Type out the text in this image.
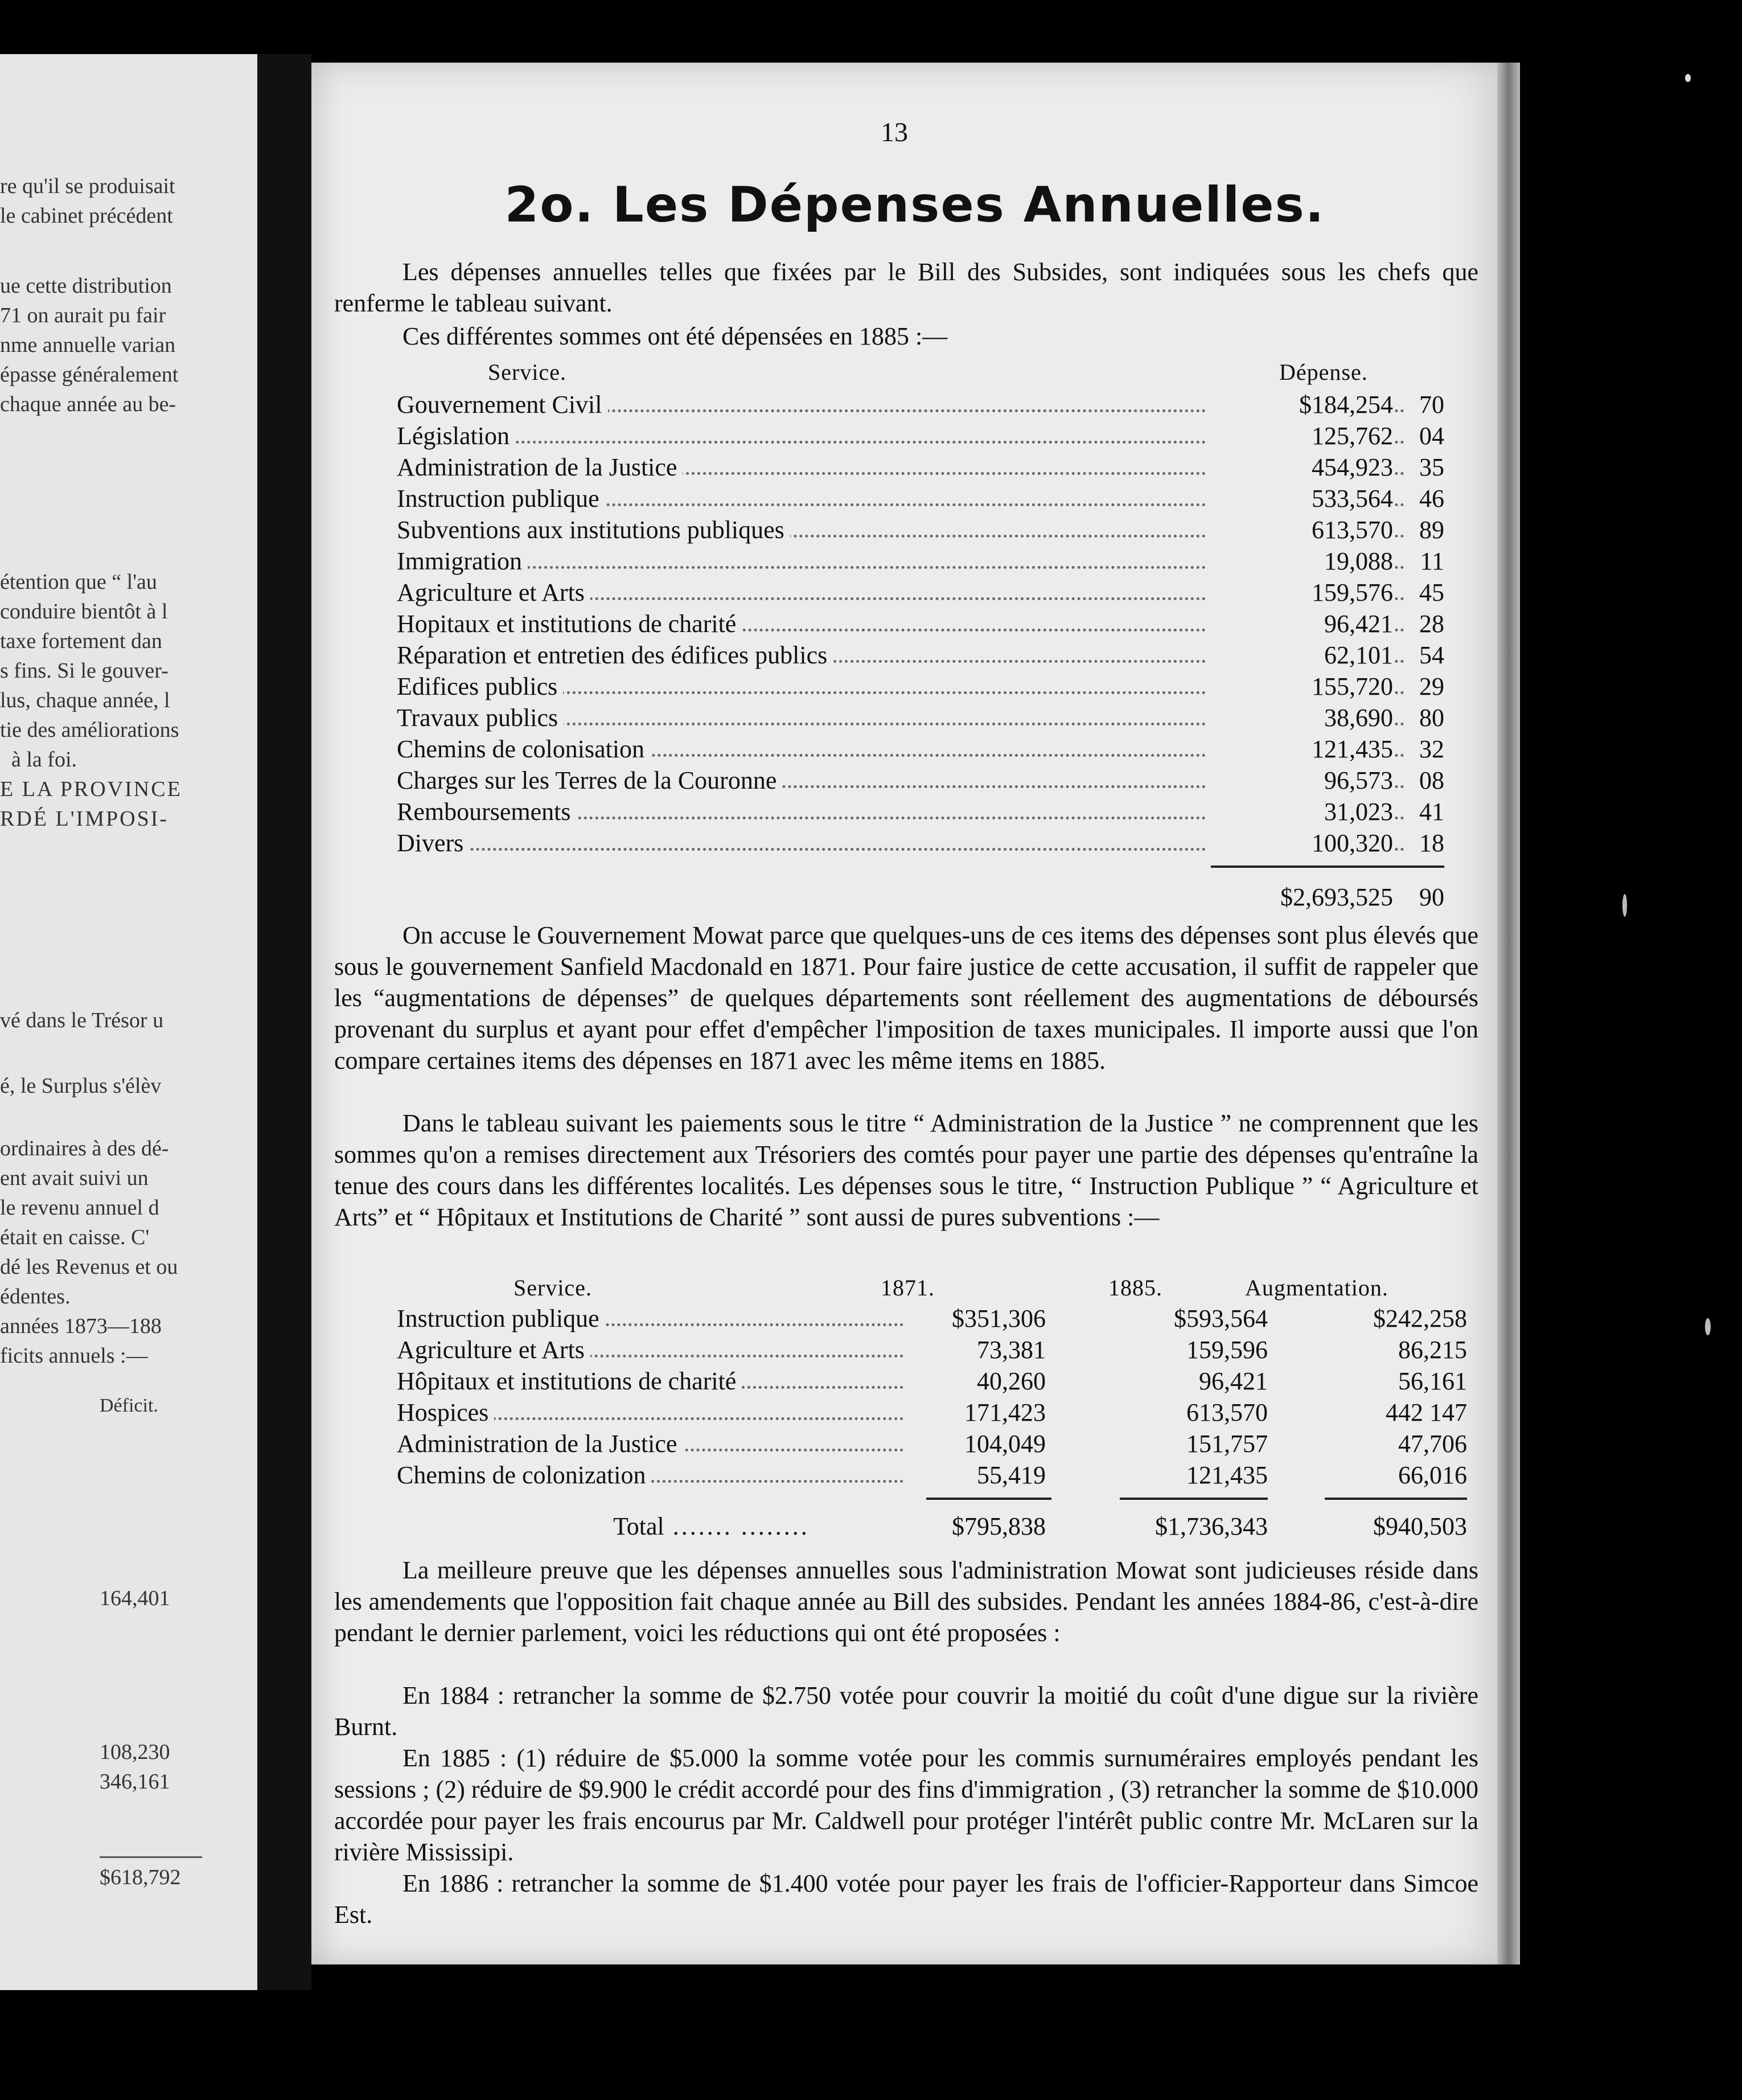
re qu'il se produisait
le cabinet précédent
ue cette distribution
71 on aurait pu fair
nme annuelle varian
épasse généralement
chaque année au be-
étention que “ l'au
conduire bientôt à l
taxe fortement dan
s fins. Si le gouver-
lus, chaque année, l
tie des améliorations
à la foi.
E LA PROVINCE
RDÉ L'IMPOSI-
vé dans le Trésor u
é, le Surplus s'élèv
ordinaires à des dé-
ent avait suivi un
le revenu annuel d
était en caisse. C'
dé les Revenus et ou
édentes.
années 1873—188
ficits annuels :—
Déficit.
164,401
108,230
346,161
$618,792
13
2o. Les Dépenses Annuelles.
Les dépenses annuelles telles que fixées par le Bill des Subsides, sont indiquées sous les chefs que renferme le tableau suivant.
Ces différentes sommes ont été dépensées en 1885 :—
Service.	Dépense.
Gouvernement Civil	$184,254	70
Législation	125,762	04
Administration de la Justice	454,923	35
Instruction publique	533,564	46
Subventions aux institutions publiques	613,570	89
Immigration	19,088	11
Agriculture et Arts	159,576	45
Hopitaux et institutions de charité	96,421	28
Réparation et entretien des édifices publics	62,101	54
Edifices publics	155,720	29
Travaux publics	38,690	80
Chemins de colonisation	121,435	32
Charges sur les Terres de la Couronne	96,573	08
Remboursements	31,023	41
Divers	100,320	18
$2,693,525	90
On accuse le Gouvernement Mowat parce que quelques-uns de ces items des dépenses sont plus élevés que sous le gouvernement Sanfield Macdonald en 1871. Pour faire justice de cette accusation, il suffit de rappeler que les “augmentations de dépenses” de quelques départements sont réellement des augmentations de déboursés provenant du surplus et ayant pour effet d'empêcher l'imposition de taxes municipales. Il importe aussi que l'on compare certaines items des dépenses en 1871 avec les même items en 1885.
Dans le tableau suivant les paiements sous le titre “ Administration de la Justice ” ne comprennent que les sommes qu'on a remises directement aux Trésoriers des comtés pour payer une partie des dépenses qu'entraîne la tenue des cours dans les différentes localités. Les dépenses sous le titre, “ Instruction Publique ” “ Agriculture et Arts” et “ Hôpitaux et Institutions de Charité ” sont aussi de pures subventions :—
Service.	1871.	1885.	Augmentation.
Instruction publique	$351,306	$593,564	$242,258
Agriculture et Arts	73,381	159,596	86,215
Hôpitaux et institutions de charité	40,260	96,421	56,161
Hospices	171,423	613,570	442 147
Administration de la Justice	104,049	151,757	47,706
Chemins de colonization	55,419	121,435	66,016
Total ....... ........	$795,838	$1,736,343	$940,503
La meilleure preuve que les dépenses annuelles sous l'administration Mowat sont judicieuses réside dans les amendements que l'opposition fait chaque année au Bill des subsides. Pendant les années 1884-86, c'est-à-dire pendant le dernier parlement, voici les réductions qui ont été proposées :
En 1884 : retrancher la somme de $2.750 votée pour couvrir la moitié du coût d'une digue sur la rivière Burnt.
En 1885 : (1) réduire de $5.000 la somme votée pour les commis surnuméraires employés pendant les sessions ; (2) réduire de $9.900 le crédit accordé pour des fins d'immigration , (3) retrancher la somme de $10.000 accordée pour payer les frais encourus par Mr. Caldwell pour protéger l'intérêt public contre Mr. McLaren sur la rivière Mississipi.
En 1886 : retrancher la somme de $1.400 votée pour payer les frais de l'officier-Rapporteur dans Simcoe Est.
